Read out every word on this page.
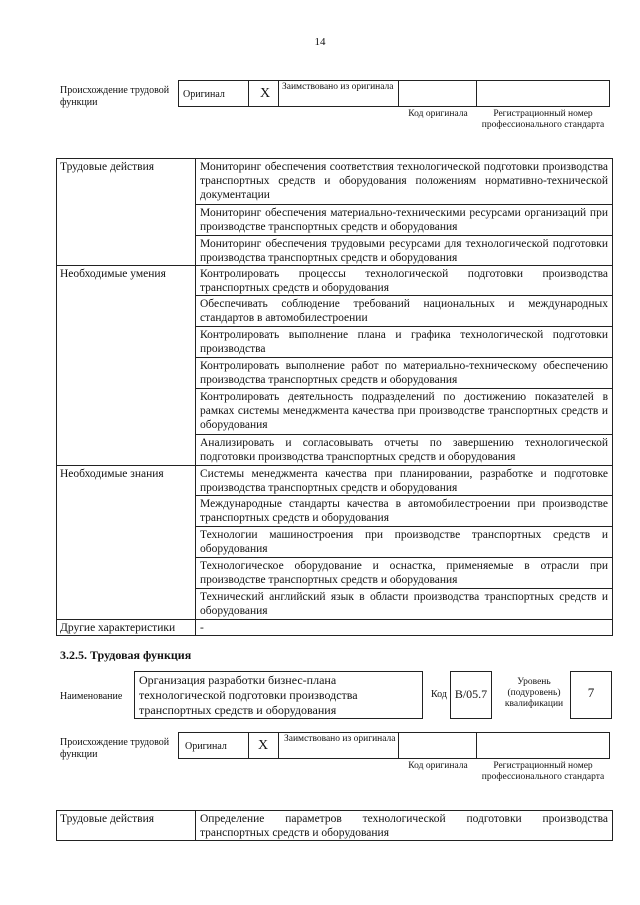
14
Происхождение трудовой функции
Оригинал	X Заимствовано из оригинала
Код оригинала	Регистрационный номер профессионального стандарта
Трудовые действия	Мониторинг обеспечения соответствия технологической подготовки производства транспортных средств и оборудования положениям нормативно-технической документации
	Мониторинг обеспечения материально-техническими ресурсами организаций при производстве транспортных средств и оборудования
	Мониторинг обеспечения трудовыми ресурсами для технологической подготовки производства транспортных средств и оборудования
Необходимые умения	Контролировать процессы технологической подготовки производства транспортных средств и оборудования
	Обеспечивать соблюдение требований национальных и международных стандартов в автомобилестроении
	Контролировать выполнение плана и графика технологической подготовки производства
	Контролировать выполнение работ по материально-техническому обеспечению производства транспортных средств и оборудования
	Контролировать деятельность подразделений по достижению показателей в рамках системы менеджмента качества при производстве транспортных средств и оборудования
	Анализировать и согласовывать отчеты по завершению технологической подготовки производства транспортных средств и оборудования
Необходимые знания	Системы менеджмента качества при планировании, разработке и подготовке производства транспортных средств и оборудования
	Международные стандарты качества в автомобилестроении при производстве транспортных средств и оборудования
	Технологии машиностроения при производстве транспортных средств и оборудования
	Технологическое оборудование и оснастка, применяемые в отрасли при производстве транспортных средств и оборудования
	Технический английский язык в области производства транспортных средств и оборудования
Другие характеристики	-
3.2.5. Трудовая функция
Наименование
Организация разработки бизнес-плана технологической подготовки производства транспортных средств и оборудования
Код B/05.7
Уровень (подуровень) квалификации
7
Происхождение трудовой функции
Оригинал X Заимствовано из оригинала
Код оригинала	Регистрационный номер профессионального стандарта
Трудовые действия	Определение параметров технологической подготовки производства транспортных средств и оборудования
